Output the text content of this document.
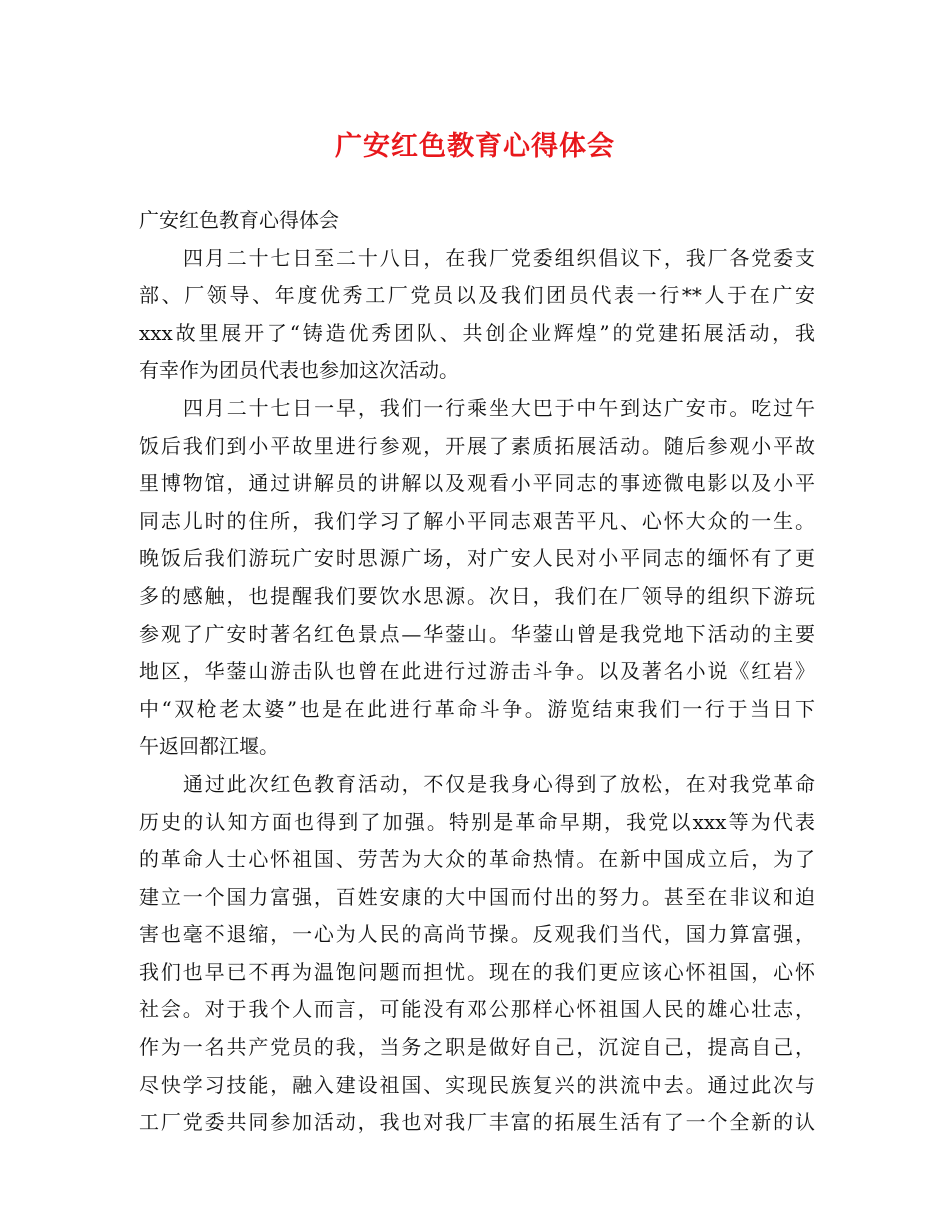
广安红色教育心得体会
广安红色教育心得体会
四月二十七日至二十八日，在我厂党委组织倡议下，我厂各党委支
部、厂领导、年度优秀工厂党员以及我们团员代表一行**人于在广安
xxx故里展开了“铸造优秀团队、共创企业辉煌”的党建拓展活动，我
有幸作为团员代表也参加这次活动。
四月二十七日一早，我们一行乘坐大巴于中午到达广安市。吃过午
饭后我们到小平故里进行参观，开展了素质拓展活动。随后参观小平故
里博物馆，通过讲解员的讲解以及观看小平同志的事迹微电影以及小平
同志儿时的住所，我们学习了解小平同志艰苦平凡、心怀大众的一生。
晚饭后我们游玩广安时思源广场，对广安人民对小平同志的缅怀有了更
多的感触，也提醒我们要饮水思源。次日，我们在厂领导的组织下游玩
参观了广安时著名红色景点—华蓥山。华蓥山曾是我党地下活动的主要
地区，华蓥山游击队也曾在此进行过游击斗争。以及著名小说《红岩》
中“双枪老太婆”也是在此进行革命斗争。游览结束我们一行于当日下
午返回都江堰。
通过此次红色教育活动，不仅是我身心得到了放松，在对我党革命
历史的认知方面也得到了加强。特别是革命早期，我党以xxx等为代表
的革命人士心怀祖国、劳苦为大众的革命热情。在新中国成立后，为了
建立一个国力富强，百姓安康的大中国而付出的努力。甚至在非议和迫
害也毫不退缩，一心为人民的高尚节操。反观我们当代，国力算富强，
我们也早已不再为温饱问题而担忧。现在的我们更应该心怀祖国，心怀
社会。对于我个人而言，可能没有邓公那样心怀祖国人民的雄心壮志，
作为一名共产党员的我，当务之职是做好自己，沉淀自己，提高自己，
尽快学习技能，融入建设祖国、实现民族复兴的洪流中去。通过此次与
工厂党委共同参加活动，我也对我厂丰富的拓展生活有了一个全新的认
